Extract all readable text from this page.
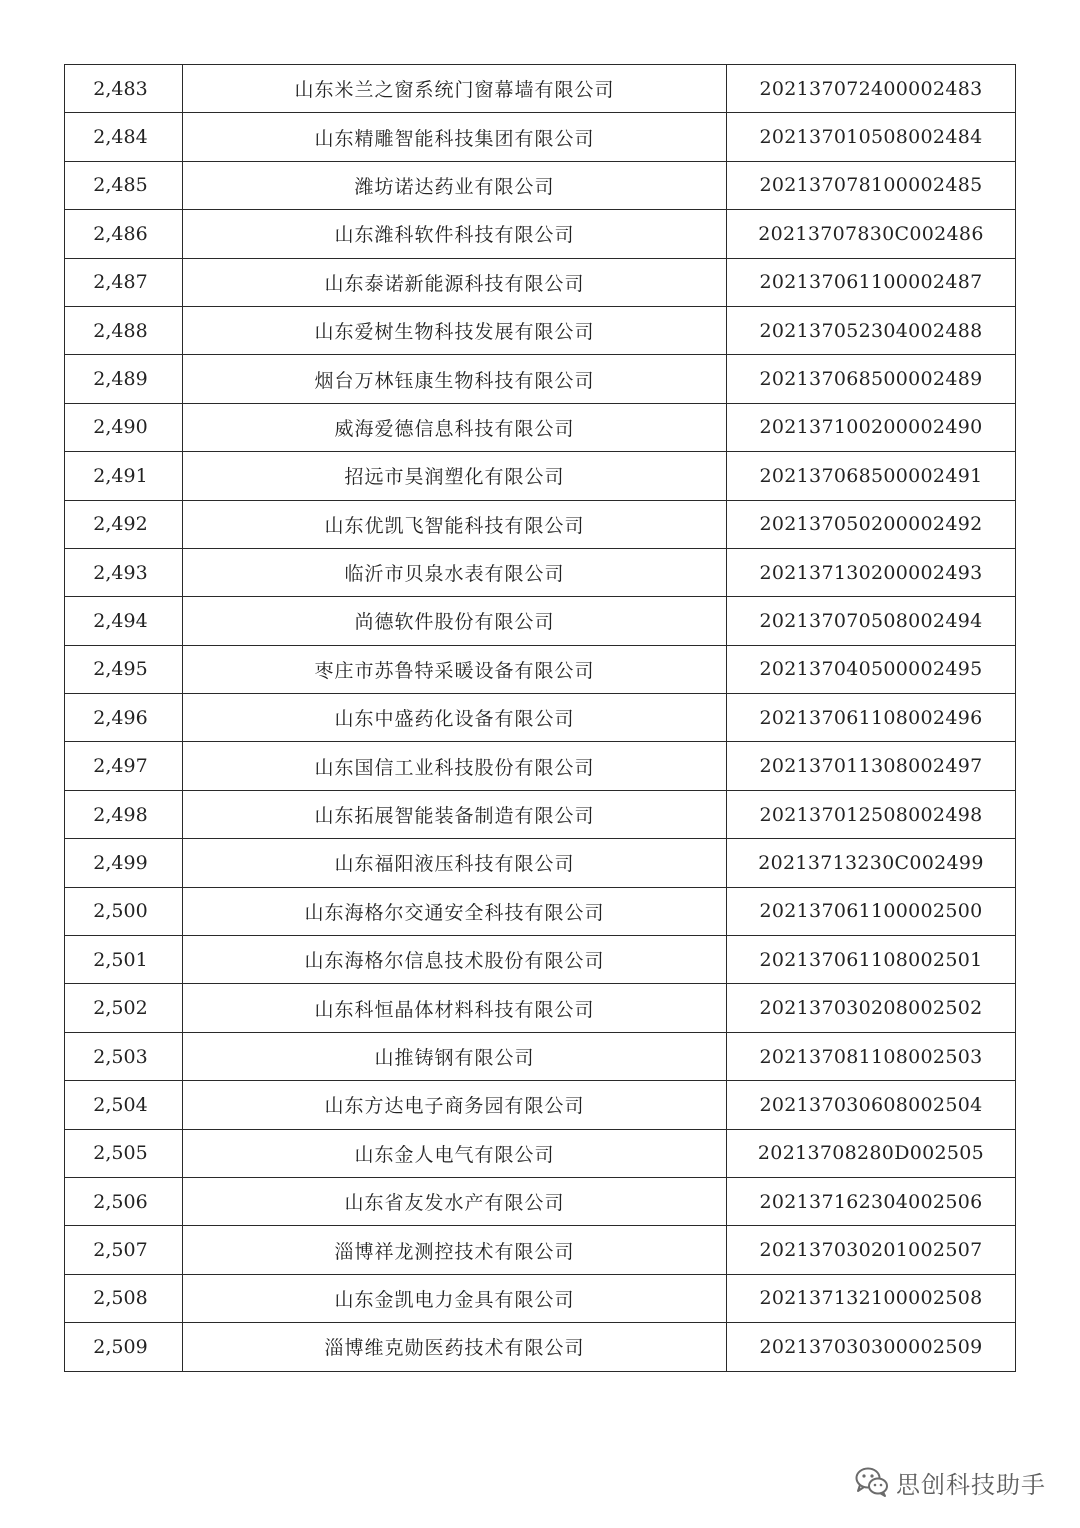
2,483	山东米兰之窗系统门窗幕墙有限公司	202137072400002483
2,484	山东精雕智能科技集团有限公司	202137010508002484
2,485	潍坊诺达药业有限公司	202137078100002485
2,486	山东潍科软件科技有限公司	20213707830C002486
2,487	山东泰诺新能源科技有限公司	202137061100002487
2,488	山东爱树生物科技发展有限公司	202137052304002488
2,489	烟台万林钰康生物科技有限公司	202137068500002489
2,490	威海爱德信息科技有限公司	202137100200002490
2,491	招远市昊润塑化有限公司	202137068500002491
2,492	山东优凯飞智能科技有限公司	202137050200002492
2,493	临沂市贝泉水表有限公司	202137130200002493
2,494	尚德软件股份有限公司	202137070508002494
2,495	枣庄市苏鲁特采暖设备有限公司	202137040500002495
2,496	山东中盛药化设备有限公司	202137061108002496
2,497	山东国信工业科技股份有限公司	202137011308002497
2,498	山东拓展智能装备制造有限公司	202137012508002498
2,499	山东福阳液压科技有限公司	20213713230C002499
2,500	山东海格尔交通安全科技有限公司	202137061100002500
2,501	山东海格尔信息技术股份有限公司	202137061108002501
2,502	山东科恒晶体材料科技有限公司	202137030208002502
2,503	山推铸钢有限公司	202137081108002503
2,504	山东方达电子商务园有限公司	202137030608002504
2,505	山东金人电气有限公司	20213708280D002505
2,506	山东省友发水产有限公司	202137162304002506
2,507	淄博祥龙测控技术有限公司	202137030201002507
2,508	山东金凯电力金具有限公司	202137132100002508
2,509	淄博维克勋医药技术有限公司	202137030300002509
思创科技助手
